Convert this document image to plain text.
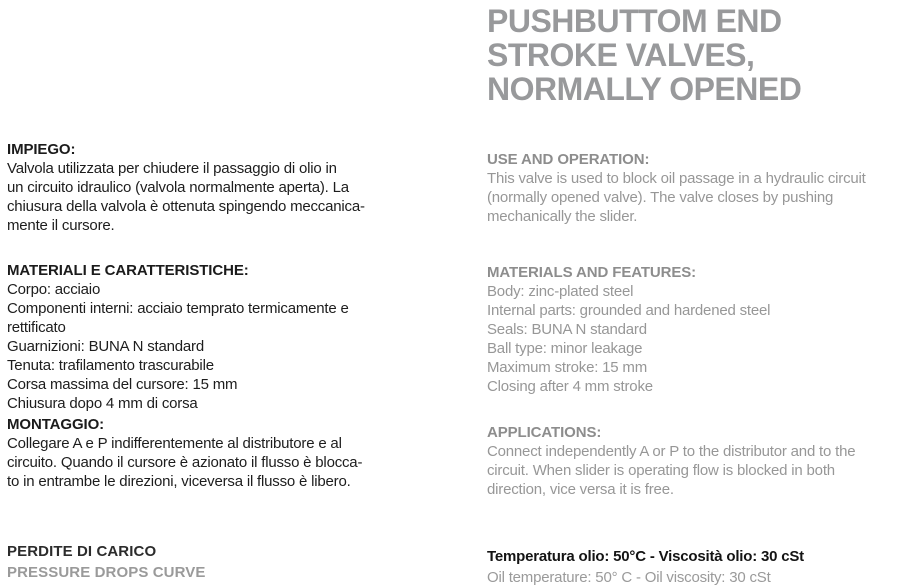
PUSHBUTTOM END
STROKE VALVES,
NORMALLY OPENED
IMPIEGO:
Valvola utilizzata per chiudere il passaggio di olio in
un circuito idraulico (valvola normalmente aperta). La
chiusura della valvola è ottenuta spingendo meccanica-
mente il cursore.
MATERIALI E CARATTERISTICHE:
Corpo: acciaio
Componenti interni: acciaio temprato termicamente e
rettificato
Guarnizioni: BUNA N standard
Tenuta: trafilamento trascurabile
Corsa massima del cursore: 15 mm
Chiusura dopo 4 mm di corsa
MONTAGGIO:
Collegare A e P indifferentemente al distributore e al
circuito. Quando il cursore è azionato il flusso è blocca-
to in entrambe le direzioni, viceversa il flusso è libero.
PERDITE DI CARICO
PRESSURE DROPS CURVE
USE AND OPERATION:
This valve is used to block oil passage in a hydraulic circuit
(normally opened valve). The valve closes by pushing
mechanically the slider.
MATERIALS AND FEATURES:
Body: zinc-plated steel
Internal parts: grounded and hardened steel
Seals: BUNA N standard
Ball type: minor leakage
Maximum stroke: 15 mm
Closing after 4 mm stroke
APPLICATIONS:
Connect independently A or P to the distributor and to the
circuit. When slider is operating flow is blocked in both
direction, vice versa it is free.
Temperatura olio: 50°C - Viscosità olio: 30 cSt
Oil temperature: 50° C - Oil viscosity: 30 cSt
